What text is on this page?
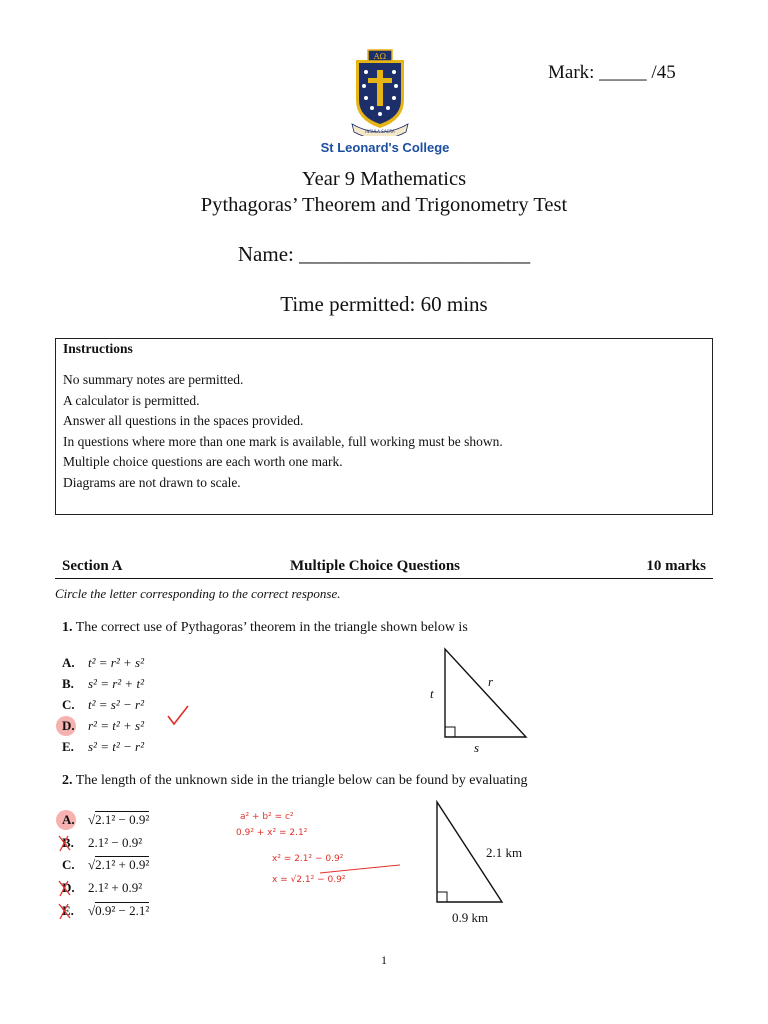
ΑΩ
INSULA SACRA
St Leonard's College
Mark: _____ /45
Year 9 Mathematics
Pythagoras’ Theorem and Trigonometry Test
Name: ______________________
Time permitted: 60 mins
Instructions
No summary notes are permitted.
A calculator is permitted.
Answer all questions in the spaces provided.
In questions where more than one mark is available, full working must be shown.
Multiple choice questions are each worth one mark.
Diagrams are not drawn to scale.
Section A	Multiple Choice Questions	10 marks
Circle the letter corresponding to the correct response.
1. The correct use of Pythagoras’ theorem in the triangle shown below is
A. t² = r² + s²
B. s² = r² + t²
C. t² = s² − r²
D. r² = t² + s²
E. s² = t² − r²
t
r
s
2. The length of the unknown side in the triangle below can be found by evaluating
A. √2.1² − 0.9²
B. 2.1² − 0.9²
C. √2.1² + 0.9²
D. 2.1² + 0.9²
E. √0.9² − 2.1²
a² + b² = c²
0.9² + x² = 2.1²
x² = 2.1² − 0.9²
x = √2.1² − 0.9²
2.1 km
0.9 km
1
